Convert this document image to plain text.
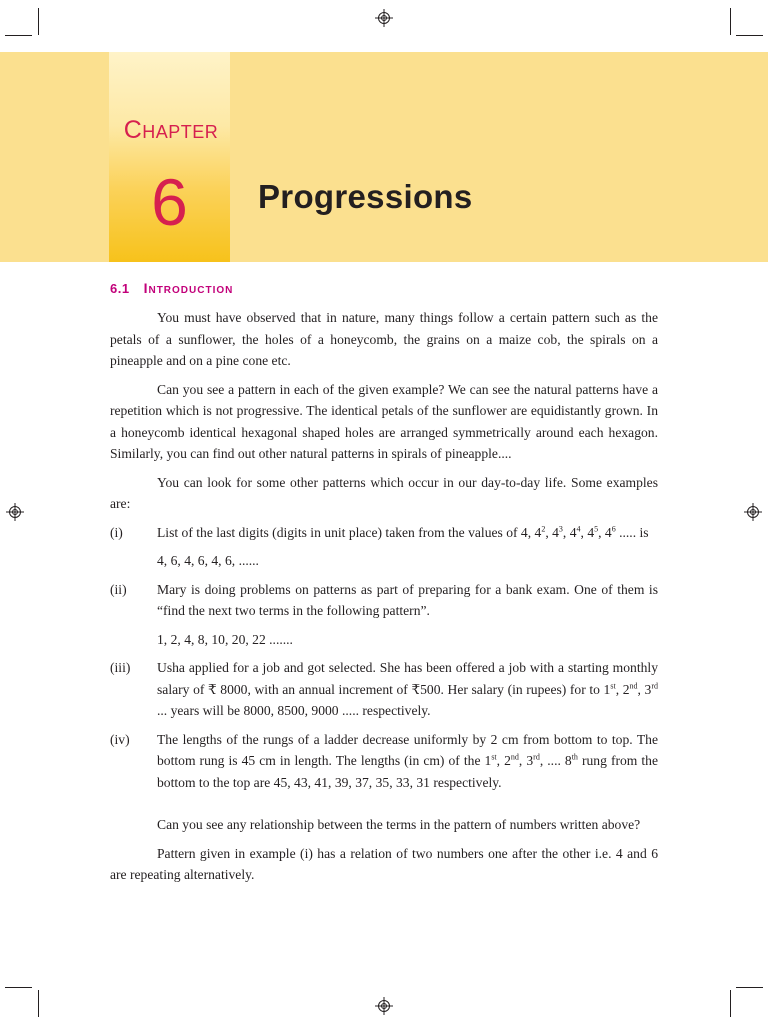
Chapter
6	Progressions
6.1 Introduction

You must have observed that in nature, many things follow a certain pattern such as the petals of a sunflower, the holes of a honeycomb, the grains on a maize cob, the spirals on a pineapple and on a pine cone etc.

Can you see a pattern in each of the given example? We can see the natural patterns have a repetition which is not progressive. The identical petals of the sunflower are equidistantly grown. In a honeycomb identical hexagonal shaped holes are arranged symmetrically around each hexagon. Similarly, you can find out other natural patterns in spirals of pineapple....

You can look for some other patterns which occur in our day-to-day life. Some examples are:

(i)	List of the last digits (digits in unit place) taken from the values of 4, $4^2$, $4^3$, $4^4$, $4^5$, $4^6$ ..... is
4, 6, 4, 6, 4, 6, ......
(ii)	Mary is doing problems on patterns as part of preparing for a bank exam. One of them is “find the next two terms in the following pattern”.
1, 2, 4, 8, 10, 20, 22 .......
(iii)	Usha applied for a job and got selected. She has been offered a job with a starting monthly salary of ₹ 8000, with an annual increment of ₹500. Her salary (in rupees) for to 1st, 2nd, 3rd ... years will be 8000, 8500, 9000 ..... respectively.
(iv)	The lengths of the rungs of a ladder decrease uniformly by 2 cm from bottom to top. The bottom rung is 45 cm in length. The lengths (in cm) of the 1st, 2nd, 3rd, .... 8th rung from the bottom to the top are 45, 43, 41, 39, 37, 35, 33, 31 respectively.

Can you see any relationship between the terms in the pattern of numbers written above?

Pattern given in example (i) has a relation of two numbers one after the other i.e. 4 and 6 are repeating alternatively.
